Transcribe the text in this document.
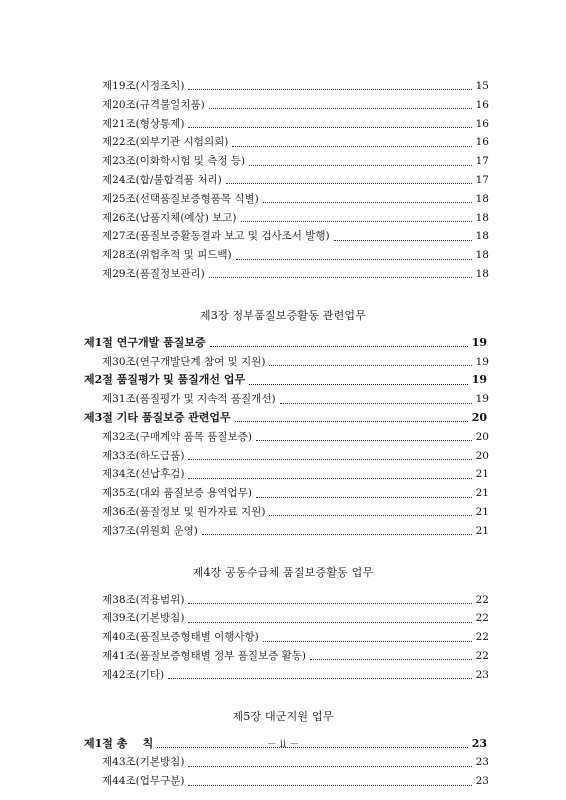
제19조(시정조치)	15
제20조(규격불일치품)	16
제21조(형상통제)	16
제22조(외부기관 시험의뢰)	16
제23조(이화학시험 및 측정 등)	17
제24조(합/불합격품 처리)	17
제25조(선택품질보증형품목 식별)	18
제26조(납품지체(예상) 보고)	18
제27조(품질보증활동결과 보고 및 검사조서 발행)	18
제28조(위험추적 및 피드백)	18
제29조(품질정보관리)	18
제3장 정부품질보증활동 관련업무
제1절 연구개발 품질보증	19
제30조(연구개발단계 참여 및 지원)	19
제2절 품질평가 및 품질개선 업무	19
제31조(품질평가 및 지속적 품질개선)	19
제3절 기타 품질보증 관련업무	20
제32조(구매계약 품목 품질보증)	20
제33조(하도급품)	20
제34조(선납후검)	21
제35조(대외 품질보증 용역업무)	21
제36조(품질정보 및 원가자료 지원)	21
제37조(위원회 운영)	21
제4장 공동수급체 품질보증활동 업무
제38조(적용범위)	22
제39조(기본방침)	22
제40조(품질보증형태별 이행사항)	22
제41조(품질보증형태별 정부 품질보증 활동)	22
제42조(기타)	23
제5장 대군지원 업무
제1절 총    칙	23
제43조(기본방침)	23
제44조(업무구분)	23
－ ii －
